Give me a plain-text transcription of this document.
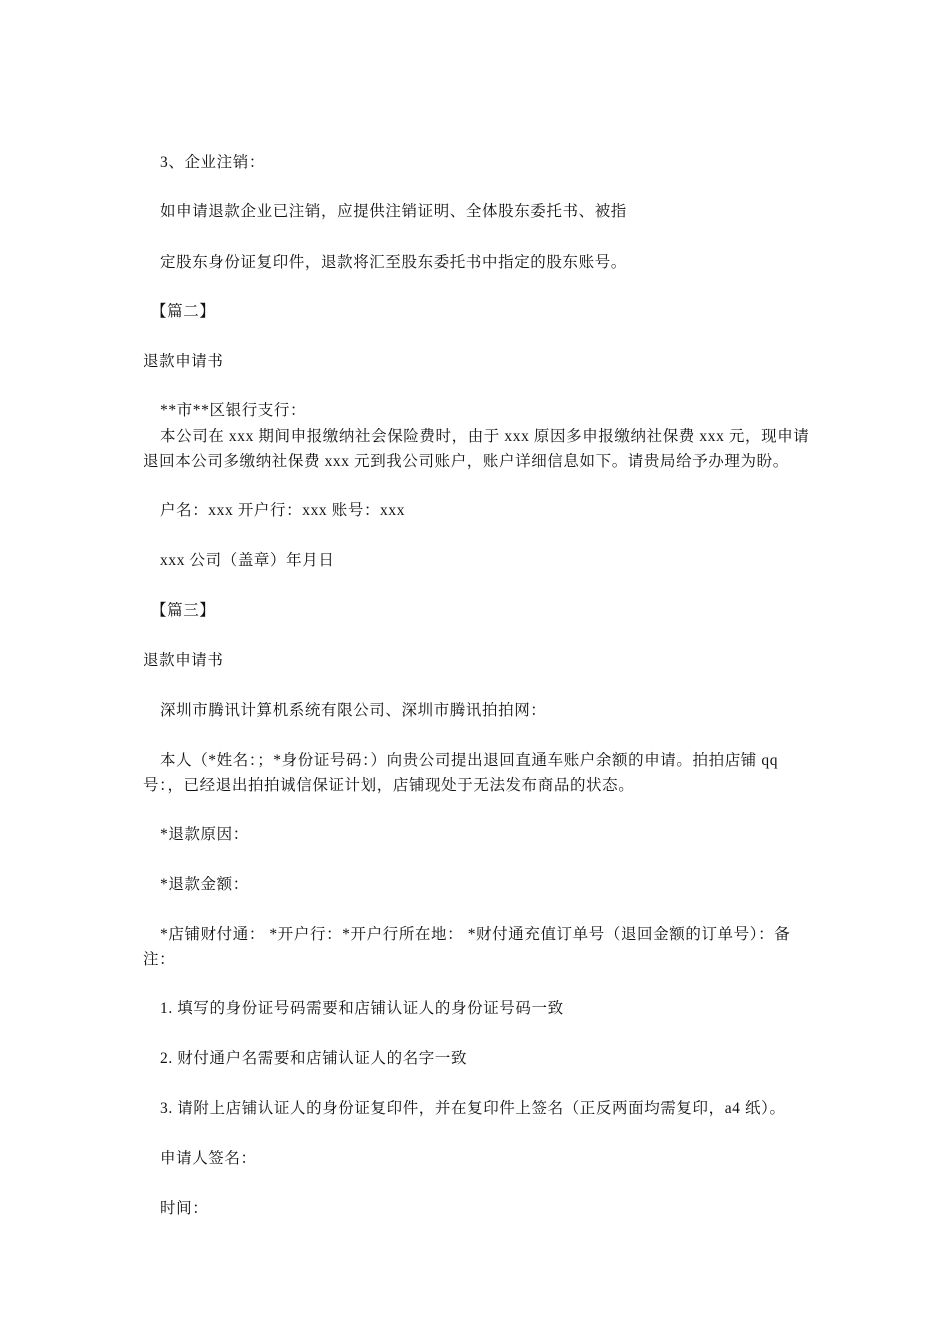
3、企业注销：
如申请退款企业已注销，应提供注销证明、全体股东委托书、被指
定股东身份证复印件，退款将汇至股东委托书中指定的股东账号。
【篇二】
退款申请书
**市**区银行支行：
本公司在 xxx 期间申报缴纳社会保险费时，由于 xxx 原因多申报缴纳社保费 xxx 元，现申请
退回本公司多缴纳社保费 xxx 元到我公司账户，账户详细信息如下。请贵局给予办理为盼。
户名：xxx 开户行：xxx 账号：xxx
xxx 公司（盖章）年月日
【篇三】
退款申请书
深圳市腾讯计算机系统有限公司、深圳市腾讯拍拍网：
本人（*姓名：；*身份证号码：）向贵公司提出退回直通车账户余额的申请。拍拍店铺 qq
号：，已经退出拍拍诚信保证计划，店铺现处于无法发布商品的状态。
*退款原因：
*退款金额：
*店铺财付通： *开户行：*开户行所在地： *财付通充值订单号（退回金额的订单号）：备
注：
1. 填写的身份证号码需要和店铺认证人的身份证号码一致
2. 财付通户名需要和店铺认证人的名字一致
3. 请附上店铺认证人的身份证复印件，并在复印件上签名（正反两面均需复印，a4 纸）。
申请人签名：
时间：
